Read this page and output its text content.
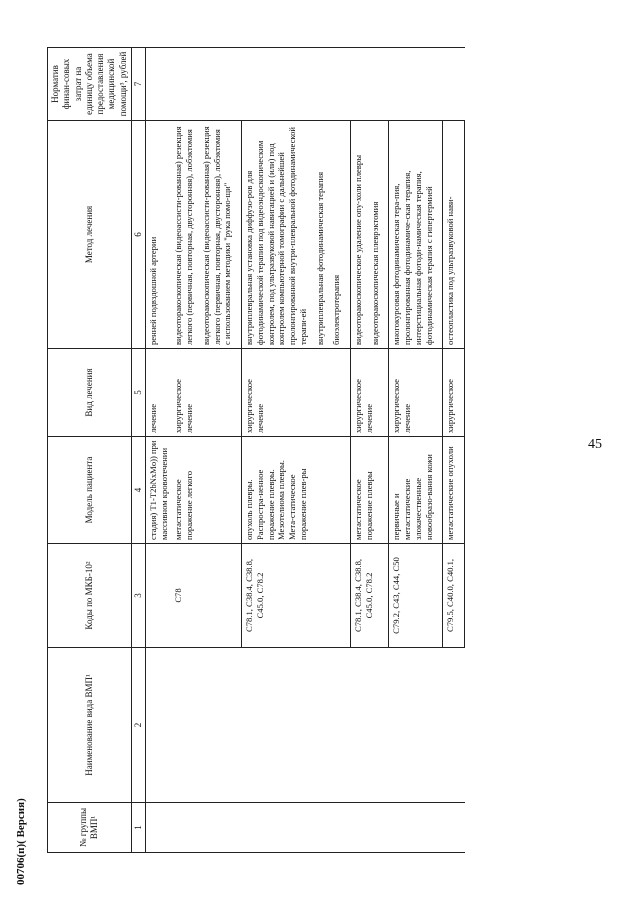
45
00706(п)( Версия)	№ группы ВМП¹	Наименование вида ВМП¹	Коды по МКБ-10²	Модель пациента	Вид лечения	Метод лечения	Норматив финан-совых затрат на единицу объема предоставления медицинской помощи³, рублей
1	2	3	4	5	6	7
			стадия) T1-T2bNxMo)) при массивном кровотечении	лечение	ренней подвздошной артерии	

		C78	метастатическое поражение легкого	хирургическое лечение	видеоторакоскопическая (видеоассисти-рованная) резекция легкого (первичная, повторная, двусторонняя), лобэктомия видеоторакоскопическая (видеоассисти-рованная) резекция легкого (первичная, повторная, двусторонняя), лобэктомия с использованием методики "рука помо-щи"	

		C78.1, C38.4, C38.8, C45.0, C78.2	опухоль плевры. Распростра-ненное поражение плевры. Мезотелиома плевры. Мета-статическое поражение плев-ры	хирургическое лечение	внутриплевральная установка диффузо-ров для фотодинамической терапии под видеоэндоскопическим контролем, под ультразвуковой навигацией и (или) под контролем компьютерной томографии с дальнейшей пролонгированной внутри-плевральной фотодинамической терапи-ей внутриплевральная фотодинамическая терапия биоэлектротерапия	

		C78.1, C38.4, C38.8, C45.0, C78.2	метастатическое поражение плевры	хирургическое лечение	видеоторакоскопическое удаление опу-холи плевры видеоторакоскопическая плеврэктомия	

		C79.2, C43, C44, C50	первичные и метастатические злокачественные новообразо-вания кожи	хирургическое лечение	многокурсовая фотодинамическая тера-пия, пролонгированная фотодинамиче-ская терапия, интерстициальная фотоди-намическая терапия, фотодинамическая терапия с гипертермией	

		C79.5, C40.0, C40.1,	метастатические опухоли	хирургическое	остеопластика под ультразвуковой нави-	
